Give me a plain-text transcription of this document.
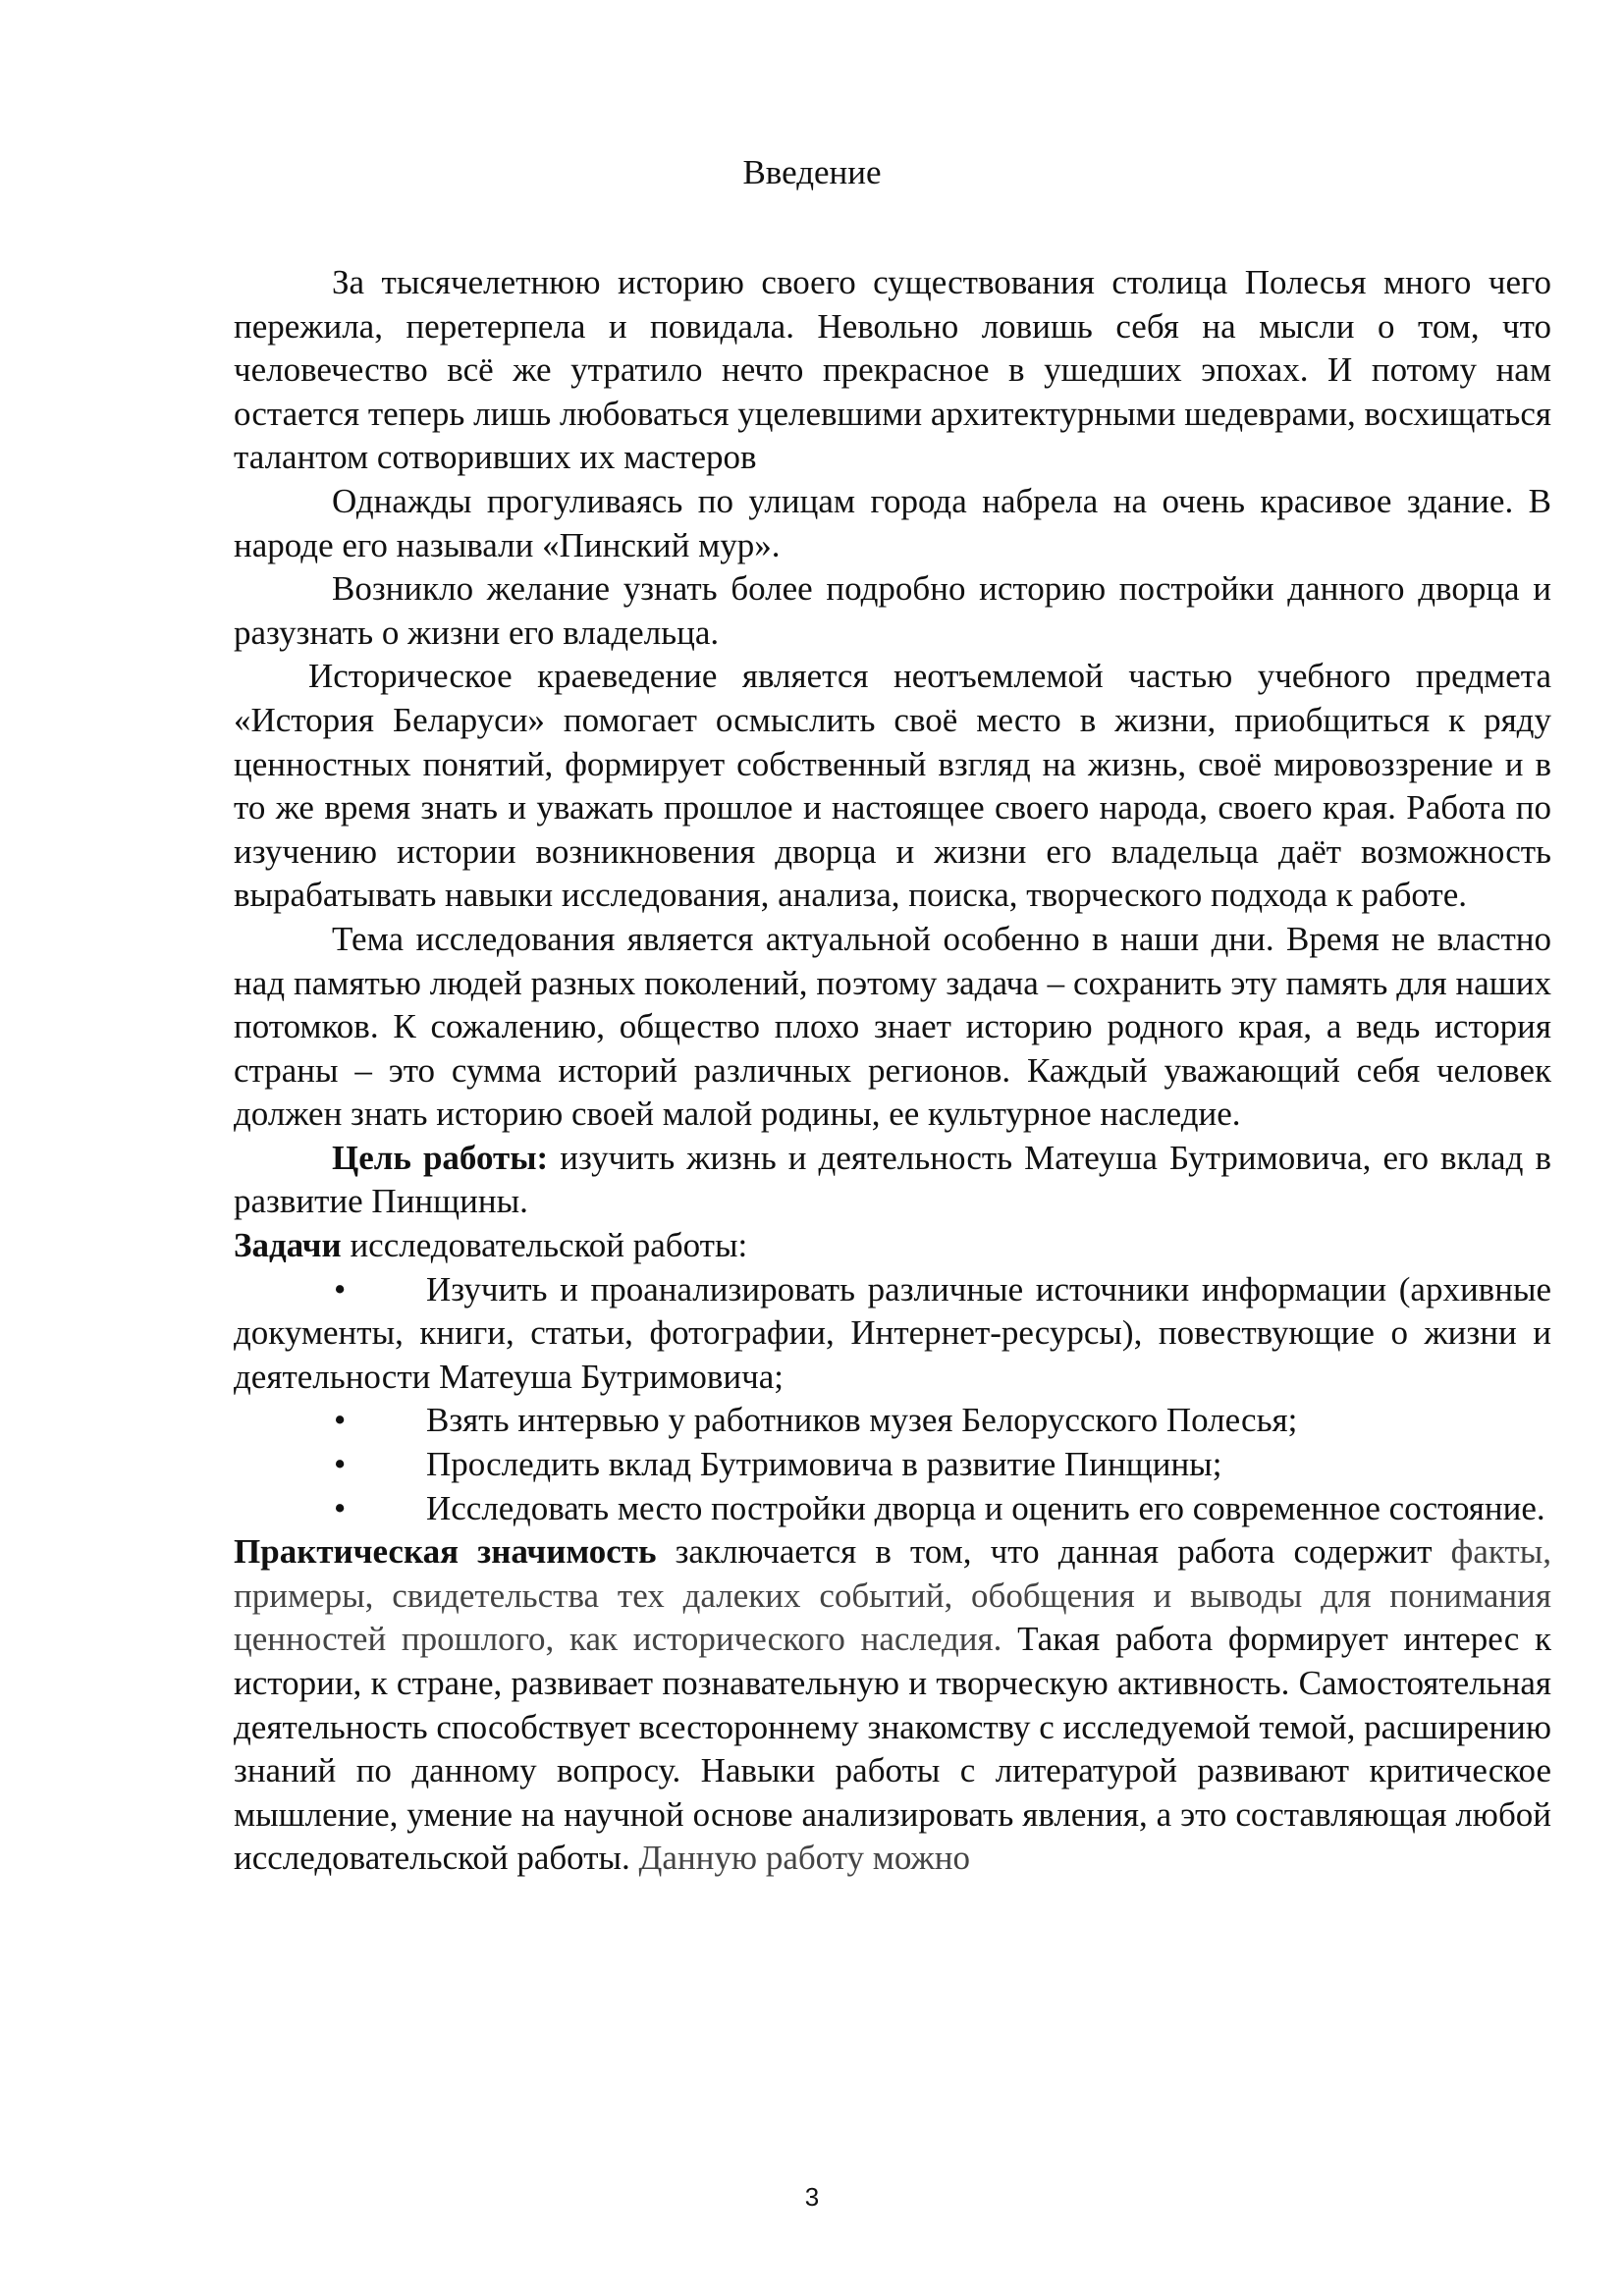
Введение

За тысячелетнюю историю своего существования столица Полесья много чего пережила, перетерпела и повидала. Невольно ловишь себя на мысли о том, что человечество всё же утратило нечто прекрасное в ушедших эпохах. И потому нам остается теперь лишь любоваться уцелевшими архитектурными шедеврами, восхищаться талантом сотворивших их мастеров

Однажды прогуливаясь по улицам города набрела на очень красивое здание. В народе его называли «Пинский мур».

Возникло желание узнать более подробно историю постройки данного дворца и разузнать о жизни его владельца.

Историческое краеведение является неотъемлемой частью учебного предмета «История Беларуси» помогает осмыслить своё место в жизни, приобщиться к ряду ценностных понятий, формирует собственный взгляд на жизнь, своё мировоззрение и в то же время знать и уважать прошлое и настоящее своего народа, своего края. Работа по изучению истории возникновения дворца и жизни его владельца даёт возможность вырабатывать навыки исследования, анализа, поиска, творческого подхода к работе.

Тема исследования является актуальной особенно в наши дни. Время не властно над памятью людей разных поколений, поэтому задача – сохранить эту память для наших потомков. К сожалению, общество плохо знает историю родного края, а ведь история страны – это сумма историй различных регионов. Каждый уважающий себя человек должен знать историю своей малой родины, ее культурное наследие.

Цель работы: изучить жизнь и деятельность Матеуша Бутримовича, его вклад в развитие Пинщины.

Задачи исследовательской работы:

• Изучить и проанализировать различные источники информации (архивные документы, книги, статьи, фотографии, Интернет-ресурсы), повествующие о жизни и деятельности Матеуша Бутримовича;
• Взять интервью у работников музея Белорусского Полесья;
• Проследить вклад Бутримовича в развитие Пинщины;
• Исследовать место постройки дворца и оценить его современное состояние.

Практическая значимость заключается в том, что данная работа содержит факты, примеры, свидетельства тех далеких событий, обобщения и выводы для понимания ценностей прошлого, как исторического наследия. Такая работа формирует интерес к истории, к стране, развивает познавательную и творческую активность. Самостоятельная деятельность способствует всестороннему знакомству с исследуемой темой, расширению знаний по данному вопросу. Навыки работы с литературой развивают критическое мышление, умение на научной основе анализировать явления, а это составляющая любой исследовательской работы. Данную работу можно

3
